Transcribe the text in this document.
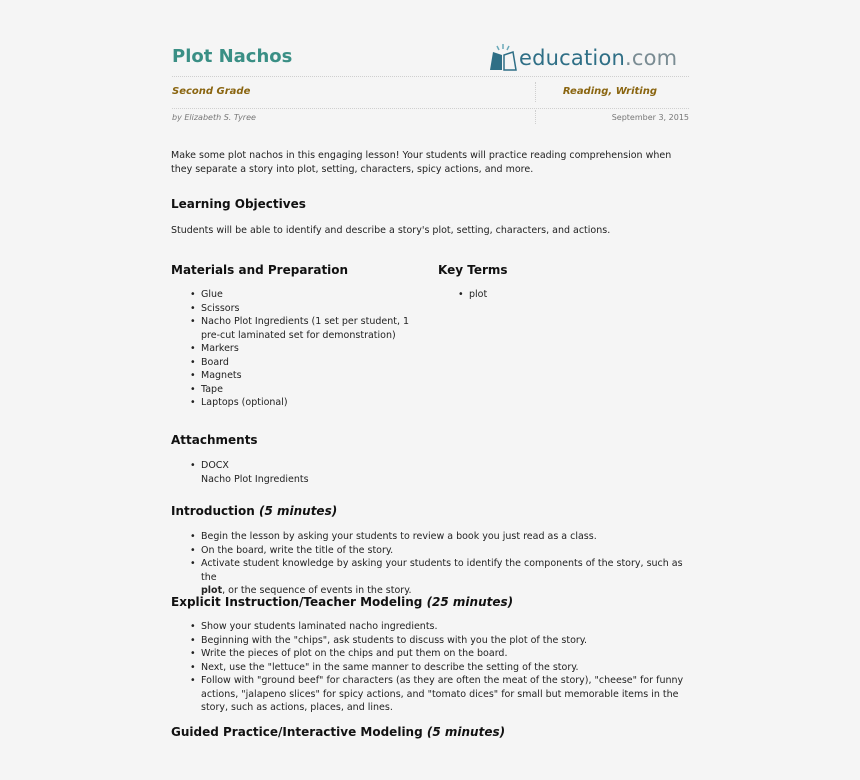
Plot Nachos	education.com
Second Grade	Reading, Writing
by Elizabeth S. Tyree	September 3, 2015
Make some plot nachos in this engaging lesson! Your students will practice reading comprehension when they separate a story into plot, setting, characters, spicy actions, and more.
Learning Objectives
Students will be able to identify and describe a story's plot, setting, characters, and actions.
Materials and Preparation
• Glue
• Scissors
• Nacho Plot Ingredients (1 set per student, 1
pre-cut laminated set for demonstration)
• Markers
• Board
• Magnets
• Tape
• Laptops (optional)
Key Terms
• plot
Attachments
• DOCX
Nacho Plot Ingredients
Introduction (5 minutes)
• Begin the lesson by asking your students to review a book you just read as a class.
• On the board, write the title of the story.
• Activate student knowledge by asking your students to identify the components of the story, such as the
plot, or the sequence of events in the story.
Explicit Instruction/Teacher Modeling (25 minutes)
• Show your students laminated nacho ingredients.
• Beginning with the "chips", ask students to discuss with you the plot of the story.
• Write the pieces of plot on the chips and put them on the board.
• Next, use the "lettuce" in the same manner to describe the setting of the story.
• Follow with "ground beef" for characters (as they are often the meat of the story), "cheese" for funny
actions, "jalapeno slices" for spicy actions, and "tomato dices" for small but memorable items in the
story, such as actions, places, and lines.
Guided Practice/Interactive Modeling (5 minutes)
